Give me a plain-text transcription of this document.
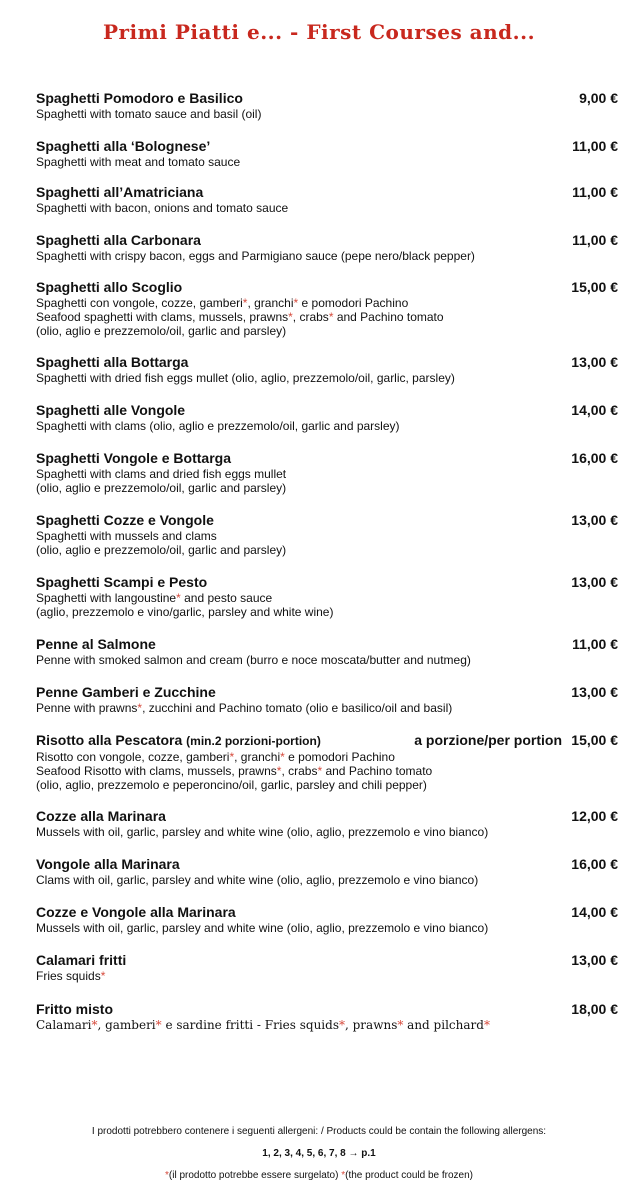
Primi Piatti e... - First Courses and...
Spaghetti Pomodoro e Basilico	9,00 €
Spaghetti with tomato sauce and basil (oil)
Spaghetti alla ‘Bolognese’	11,00 €
Spaghetti with meat and tomato sauce
Spaghetti all’Amatriciana	11,00 €
Spaghetti with bacon, onions and tomato sauce
Spaghetti alla Carbonara	11,00 €
Spaghetti with crispy bacon, eggs and Parmigiano sauce (pepe nero/black pepper)
Spaghetti allo Scoglio	15,00 €
Spaghetti con vongole, cozze, gamberi*, granchi* e pomodori Pachino
Seafood spaghetti with clams, mussels, prawns*, crabs* and Pachino tomato
(olio, aglio e prezzemolo/oil, garlic and parsley)
Spaghetti alla Bottarga	13,00 €
Spaghetti with dried fish eggs mullet (olio, aglio, prezzemolo/oil, garlic, parsley)
Spaghetti alle Vongole	14,00 €
Spaghetti with clams (olio, aglio e prezzemolo/oil, garlic and parsley)
Spaghetti Vongole e Bottarga	16,00 €
Spaghetti with clams and dried fish eggs mullet
(olio, aglio e prezzemolo/oil, garlic and parsley)
Spaghetti Cozze e Vongole	13,00 €
Spaghetti with mussels and clams
(olio, aglio e prezzemolo/oil, garlic and parsley)
Spaghetti Scampi e Pesto	13,00 €
Spaghetti with langoustine* and pesto sauce
(aglio, prezzemolo e vino/garlic, parsley and white wine)
Penne al Salmone	11,00 €
Penne with smoked salmon and cream (burro e noce moscata/butter and nutmeg)
Penne Gamberi e Zucchine	13,00 €
Penne with prawns*, zucchini and Pachino tomato (olio e basilico/oil and basil)
Risotto alla Pescatora (min.2 porzioni-portion)	a porzione/per portion 15,00 €
Risotto con vongole, cozze, gamberi*, granchi* e pomodori Pachino
Seafood Risotto with clams, mussels, prawns*, crabs* and Pachino tomato
(olio, aglio, prezzemolo e peperoncino/oil, garlic, parsley and chili pepper)
Cozze alla Marinara	12,00 €
Mussels with oil, garlic, parsley and white wine (olio, aglio, prezzemolo e vino bianco)
Vongole alla Marinara	16,00 €
Clams with oil, garlic, parsley and white wine (olio, aglio, prezzemolo e vino bianco)
Cozze e Vongole alla Marinara	14,00 €
Mussels with oil, garlic, parsley and white wine (olio, aglio, prezzemolo e vino bianco)
Calamari fritti	13,00 €
Fries squids*
Fritto misto	18,00 €
Calamari*, gamberi* e sardine fritti - Fries squids*, prawns* and pilchard*
I prodotti potrebbero contenere i seguenti allergeni: / Products could be contain the following allergens:
1, 2, 3, 4, 5, 6, 7, 8 → p.1
*(il prodotto potrebbe essere surgelato) *(the product could be frozen)
